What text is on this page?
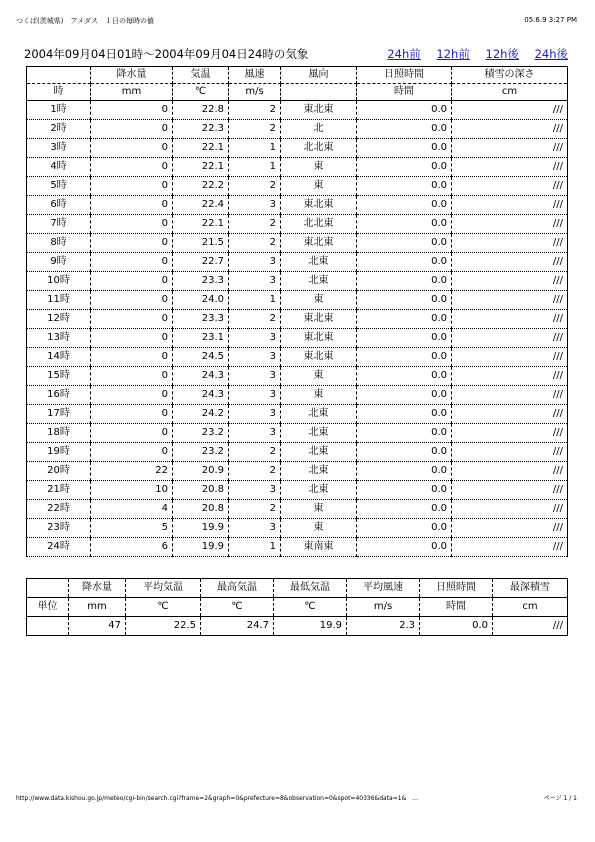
つくば(茨城県)　アメダス　１日の毎時の値	05.6.9 3:27 PM
2004年09月04日01時〜2004年09月04日24時の気象	24h前 12h前 12h後 24h後
	降水量	気温	風速	風向	日照時間	積雪の深さ
時	mm	℃	m/s		時間	cm
1時	0	22.8	2	東北東	0.0	///
2時	0	22.3	2	北	0.0	///
3時	0	22.1	1	北北東	0.0	///
4時	0	22.1	1	東	0.0	///
5時	0	22.2	2	東	0.0	///
6時	0	22.4	3	東北東	0.0	///
7時	0	22.1	2	北北東	0.0	///
8時	0	21.5	2	東北東	0.0	///
9時	0	22.7	3	北東	0.0	///
10時	0	23.3	3	北東	0.0	///
11時	0	24.0	1	東	0.0	///
12時	0	23.3	2	東北東	0.0	///
13時	0	23.1	3	東北東	0.0	///
14時	0	24.5	3	東北東	0.0	///
15時	0	24.3	3	東	0.0	///
16時	0	24.3	3	東	0.0	///
17時	0	24.2	3	北東	0.0	///
18時	0	23.2	3	北東	0.0	///
19時	0	23.2	2	北東	0.0	///
20時	22	20.9	2	北東	0.0	///
21時	10	20.8	3	北東	0.0	///
22時	4	20.8	2	東	0.0	///
23時	5	19.9	3	東	0.0	///
24時	6	19.9	1	東南東	0.0	///
	降水量	平均気温	最高気温	最低気温	平均風速	日照時間	最深積雪
単位	mm	℃	℃	℃	m/s	時間	cm
	47	22.5	24.7	19.9	2.3	0.0	///
http://www.data.kishou.go.jp/meteo/cgi-bin/search.cgi?frame=2&graph=0&prefecture=8&observation=0&spot=40336&data=1&　...	ページ 1 / 1
